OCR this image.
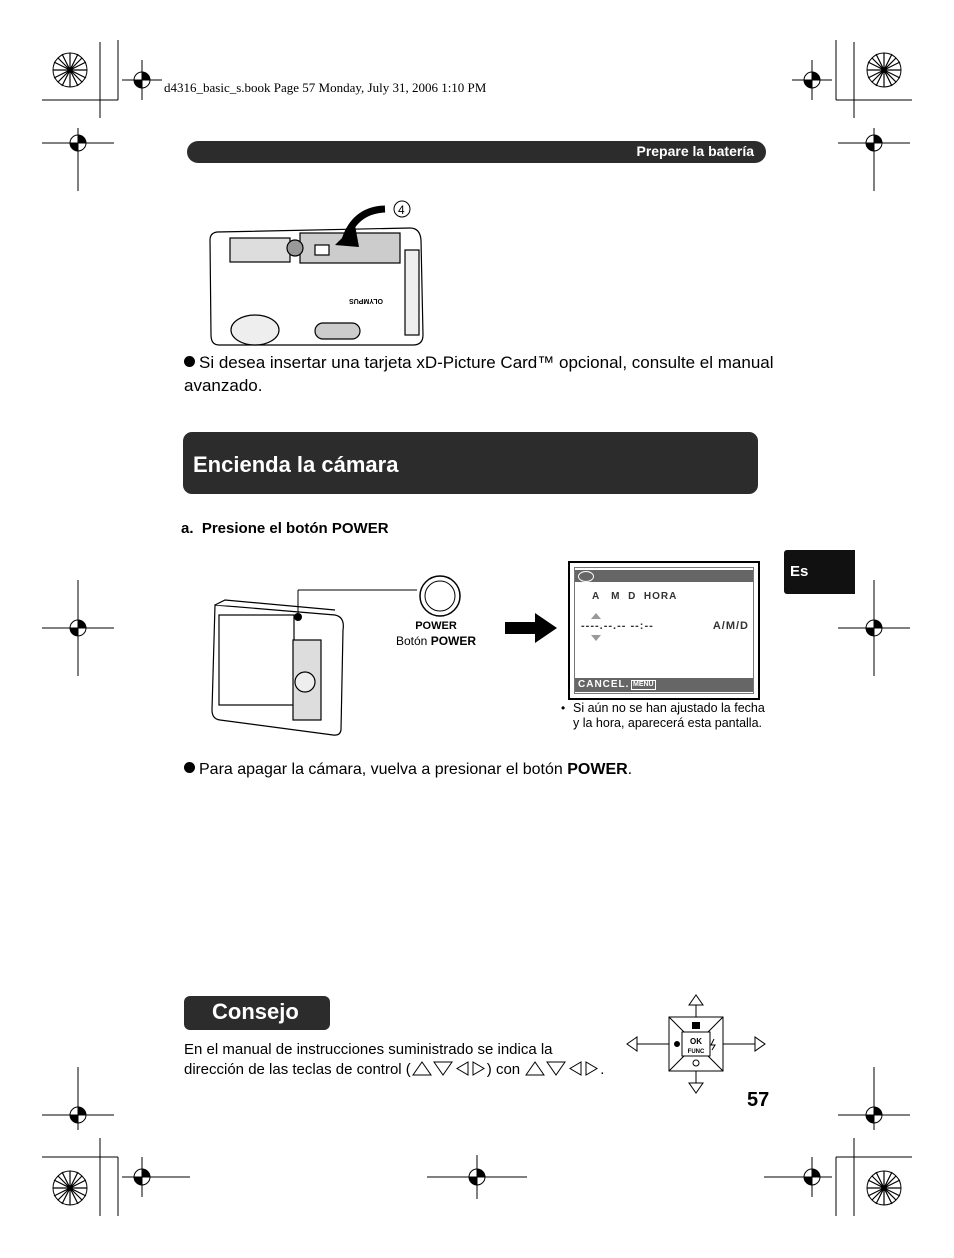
d4316_basic_s.book Page 57 Monday, July 31, 2006 1:10 PM
Prepare la batería
OLYMPUS
4
Si desea insertar una tarjeta xD-Picture Card™ opcional, consulte el manual avanzado.
Encienda la cámara
a.  Presione el botón POWER
POWER
Botón POWER
A   M  D  HORA
----.--.-- --:--	A/M/D
CANCEL. MENU
• Si aún no se han ajustado la fecha y la hora, aparecerá esta pantalla.
Para apagar la cámara, vuelva a presionar el botón POWER.
Es
Consejo
En el manual de instrucciones suministrado se indica la
dirección de las teclas de control (	) con	.
OK
FUNC
57
